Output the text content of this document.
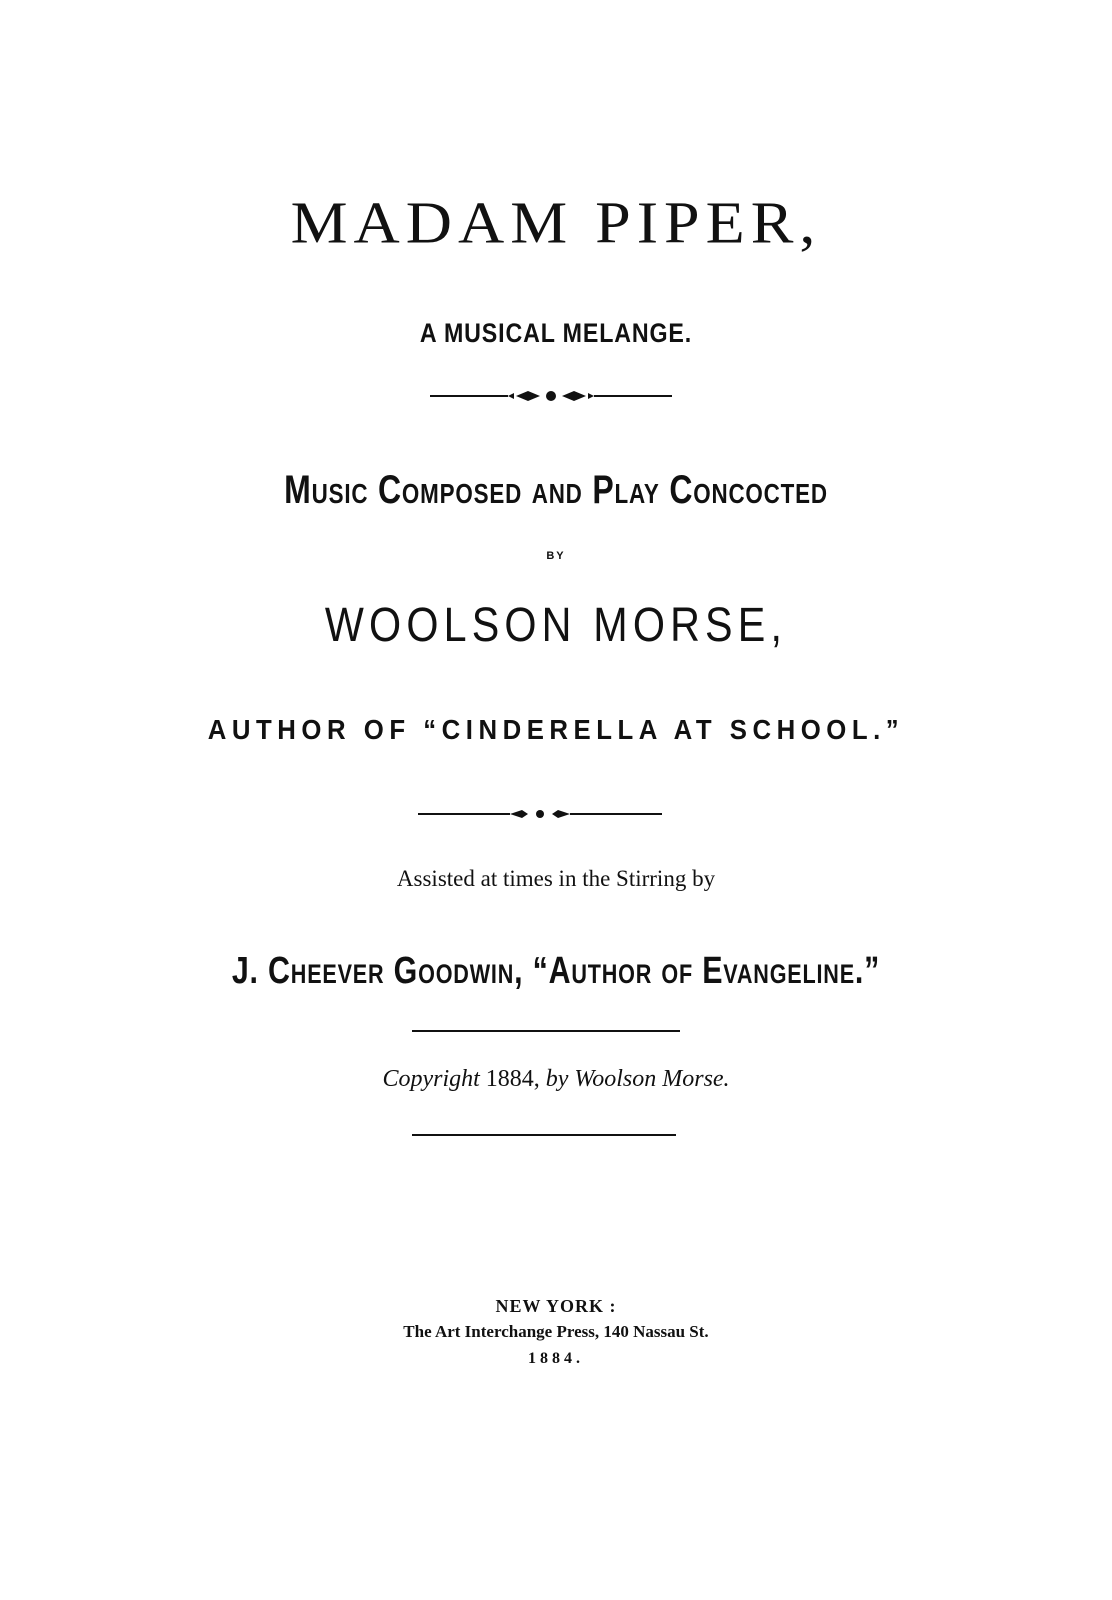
MADAM PIPER,

A MUSICAL MELANGE.

Music Composed and Play Concocted

BY

WOOLSON MORSE,

AUTHOR OF “CINDERELLA AT SCHOOL.”

Assisted at times in the Stirring by

J. Cheever Goodwin, “Author of Evangeline.”

Copyright 1884, by Woolson Morse.

NEW YORK :

The Art Interchange Press, 140 Nassau St.

1884.
